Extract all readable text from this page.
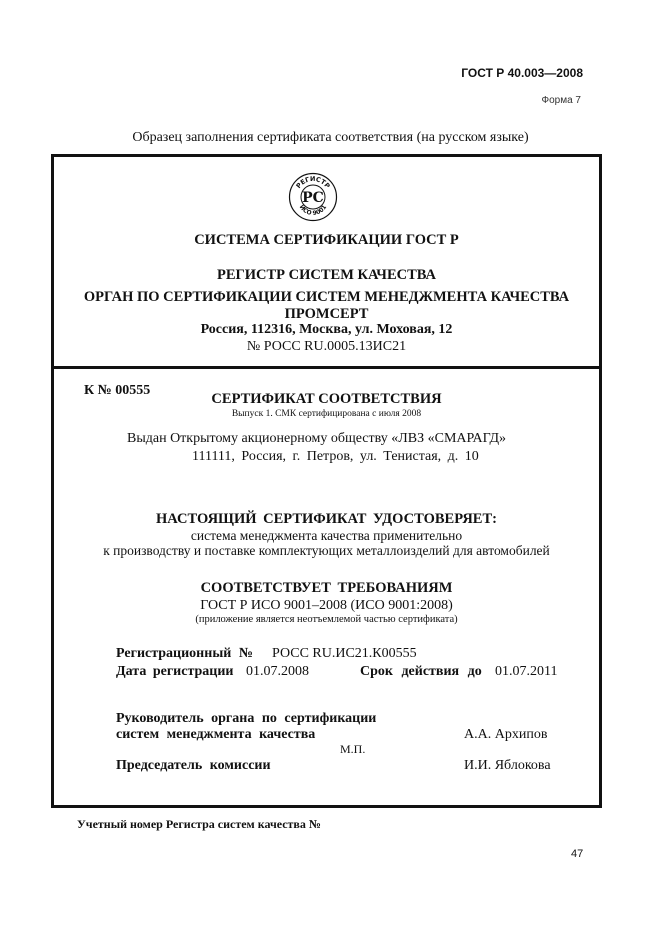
ГОСТ Р 40.003—2008
Форма 7
Образец заполнения сертификата соответствия (на русском языке)
РЕГИСТР
РС
ИСО 9001
СИСТЕМА СЕРТИФИКАЦИИ ГОСТ Р
РЕГИСТР СИСТЕМ КАЧЕСТВА
ОРГАН ПО СЕРТИФИКАЦИИ СИСТЕМ МЕНЕДЖМЕНТА КАЧЕСТВА
ПРОМСЕРТ
Россия, 112316, Москва, ул. Моховая, 12
№ РОСС RU.0005.13ИС21
К № 00555
СЕРТИФИКАТ СООТВЕТСТВИЯ
Выпуск 1. СМК сертифицирована с июля 2008
Выдан Открытому акционерному обществу «ЛВЗ «СМАРАГД»
111111, Россия, г. Петров, ул. Тенистая, д. 10
НАСТОЯЩИЙ СЕРТИФИКАТ УДОСТОВЕРЯЕТ:
система менеджмента качества применительно
к производству и поставке комплектующих металлоизделий для автомобилей
СООТВЕТСТВУЕТ ТРЕБОВАНИЯМ
ГОСТ Р ИСО 9001–2008 (ИСО 9001:2008)
(приложение является неотъемлемой частью сертификата)
Регистрационный № РОСС RU.ИС21.К00555
Дата регистрации 01.07.2008	Срок действия до 01.07.2011
Руководитель органа по сертификации
систем менеджмента качества	А.А. Архипов
М.П.
Председатель комиссии	И.И. Яблокова
Учетный номер Регистра систем качества №
47
